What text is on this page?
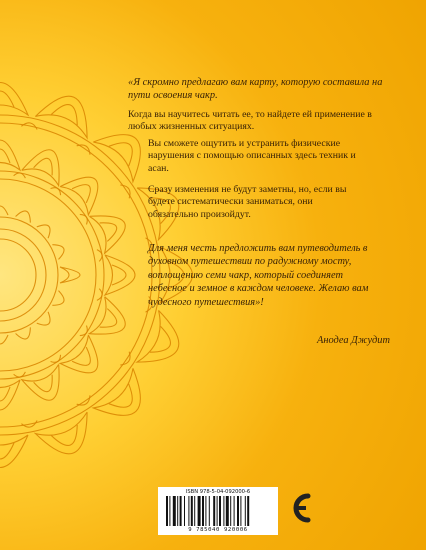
«Я скромно предлагаю вам карту, которую составила на пути освоения чакр.

Когда вы научитесь читать ее, то найдете ей применение в любых жизненных ситуациях.

Вы сможете ощутить и устранить физические нарушения с помощью описанных здесь техник и асан.

Сразу изменения не будут заметны, но, если вы будете систематически заниматься, они обязательно произойдут.

Для меня честь предложить вам путеводитель в духовном путешествии по радужному мосту, воплощению семи чакр, который соединяет небесное и земное в каждом человеке. Желаю вам чудесного путешествия»!

Анодеа Джудит
ISBN 978-5-04-092000-6
9 785040 920006
